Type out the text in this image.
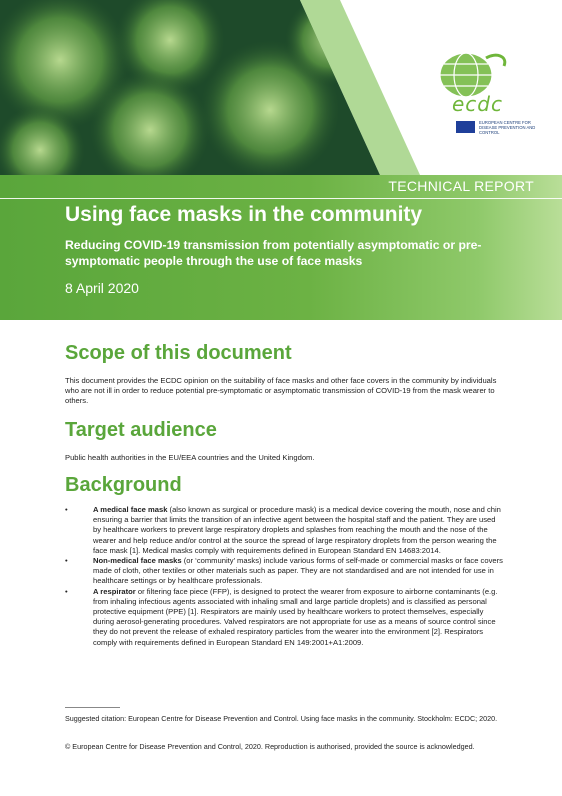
ecdc
EUROPEAN CENTRE FOR DISEASE PREVENTION AND CONTROL
TECHNICAL REPORT
Using face masks in the community
Reducing COVID-19 transmission from potentially asymptomatic or pre-symptomatic people through the use of face masks
8 April 2020
Scope of this document
This document provides the ECDC opinion on the suitability of face masks and other face covers in the community by individuals who are not ill in order to reduce potential pre-symptomatic or asymptomatic transmission of COVID-19 from the mask wearer to others.
Target audience
Public health authorities in the EU/EEA countries and the United Kingdom.
Background
•	A medical face mask (also known as surgical or procedure mask) is a medical device covering the mouth, nose and chin ensuring a barrier that limits the transition of an infective agent between the hospital staff and the patient. They are used by healthcare workers to prevent large respiratory droplets and splashes from reaching the mouth and the nose of the wearer and help reduce and/or control at the source the spread of large respiratory droplets from the person wearing the face mask [1]. Medical masks comply with requirements defined in European Standard EN 14683:2014.
•	Non-medical face masks (or ‘community’ masks) include various forms of self-made or commercial masks or face covers made of cloth, other textiles or other materials such as paper. They are not standardised and are not intended for use in healthcare settings or by healthcare professionals.
•	A respirator or filtering face piece (FFP), is designed to protect the wearer from exposure to airborne contaminants (e.g. from inhaling infectious agents associated with inhaling small and large particle droplets) and is classified as personal protective equipment (PPE) [1]. Respirators are mainly used by healthcare workers to protect themselves, especially during aerosol-generating procedures. Valved respirators are not appropriate for use as a means of source control since they do not prevent the release of exhaled respiratory particles from the wearer into the environment [2]. Respirators comply with requirements defined in European Standard EN 149:2001+A1:2009.
Suggested citation: European Centre for Disease Prevention and Control. Using face masks in the community. Stockholm: ECDC; 2020.
© European Centre for Disease Prevention and Control, 2020. Reproduction is authorised, provided the source is acknowledged.
